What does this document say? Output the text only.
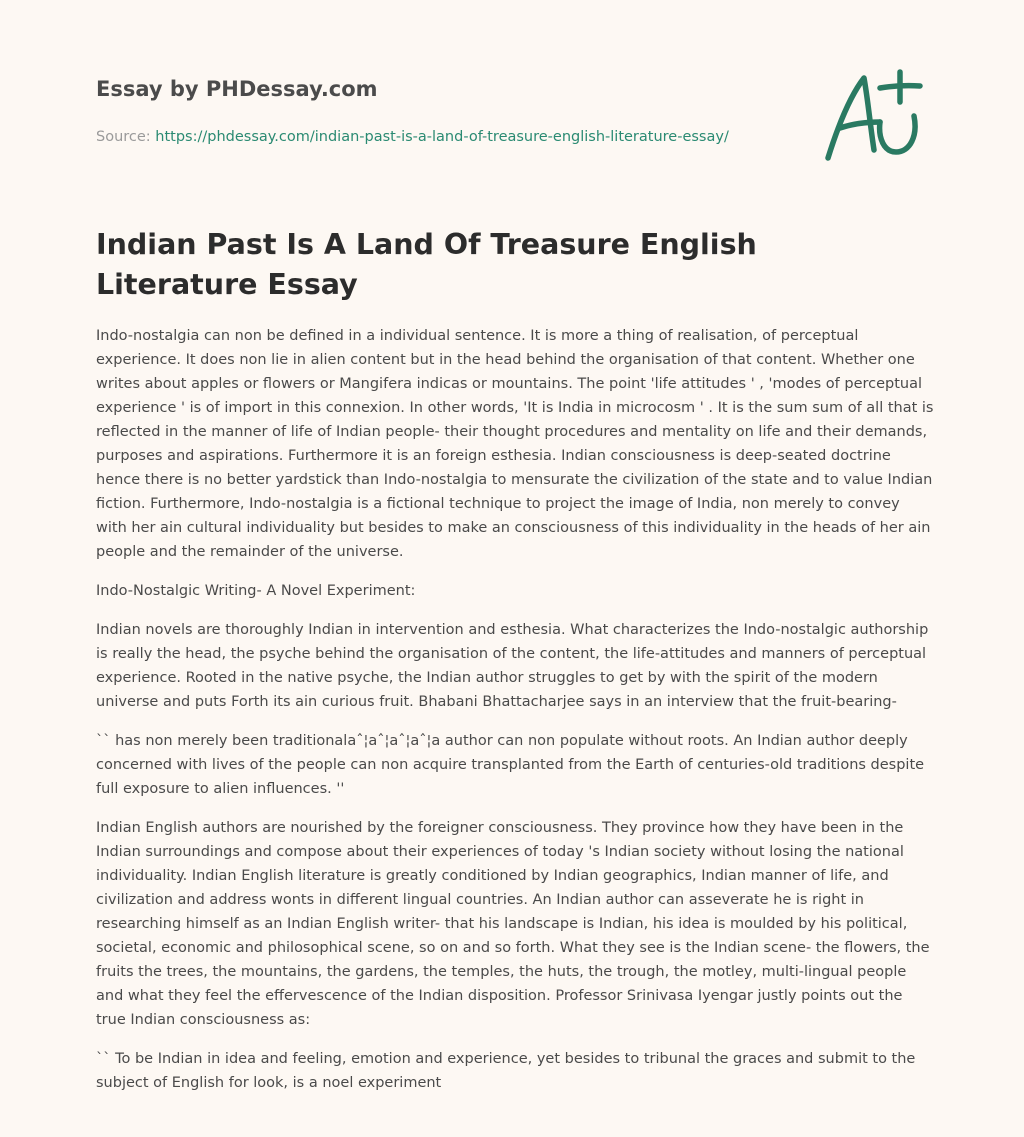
Essay by PHDessay.com

Source: https://phdessay.com/indian-past-is-a-land-of-treasure-english-literature-essay/
Indian Past Is A Land Of Treasure English Literature Essay

Indo-nostalgia can non be defined in a individual sentence. It is more a thing of realisation, of perceptual experience. It does non lie in alien content but in the head behind the organisation of that content. Whether one writes about apples or flowers or Mangifera indicas or mountains. The point 'life attitudes ' , 'modes of perceptual experience ' is of import in this connexion. In other words, 'It is India in microcosm ' . It is the sum sum of all that is reflected in the manner of life of Indian people- their thought procedures and mentality on life and their demands, purposes and aspirations. Furthermore it is an foreign esthesia. Indian consciousness is deep-seated doctrine hence there is no better yardstick than Indo-nostalgia to mensurate the civilization of the state and to value Indian fiction. Furthermore, Indo-nostalgia is a fictional technique to project the image of India, non merely to convey with her ain cultural individuality but besides to make an consciousness of this individuality in the heads of her ain people and the remainder of the universe.

Indo-Nostalgic Writing- A Novel Experiment:

Indian novels are thoroughly Indian in intervention and esthesia. What characterizes the Indo-nostalgic authorship is really the head, the psyche behind the organisation of the content, the life-attitudes and manners of perceptual experience. Rooted in the native psyche, the Indian author struggles to get by with the spirit of the modern universe and puts Forth its ain curious fruit. Bhabani Bhattacharjee says in an interview that the fruit-bearing-

`` has non merely been traditionalaˆ¦aˆ¦aˆ¦aˆ¦a author can non populate without roots. An Indian author deeply concerned with lives of the people can non acquire transplanted from the Earth of centuries-old traditions despite full exposure to alien influences. ''

Indian English authors are nourished by the foreigner consciousness. They province how they have been in the Indian surroundings and compose about their experiences of today 's Indian society without losing the national individuality. Indian English literature is greatly conditioned by Indian geographics, Indian manner of life, and civilization and address wonts in different lingual countries. An Indian author can asseverate he is right in researching himself as an Indian English writer- that his landscape is Indian, his idea is moulded by his political, societal, economic and philosophical scene, so on and so forth. What they see is the Indian scene- the flowers, the fruits the trees, the mountains, the gardens, the temples, the huts, the trough, the motley, multi-lingual people and what they feel the effervescence of the Indian disposition. Professor Srinivasa Iyengar justly points out the true Indian consciousness as:

`` To be Indian in idea and feeling, emotion and experience, yet besides to tribunal the graces and submit to the subject of English for look, is a noel experiment
